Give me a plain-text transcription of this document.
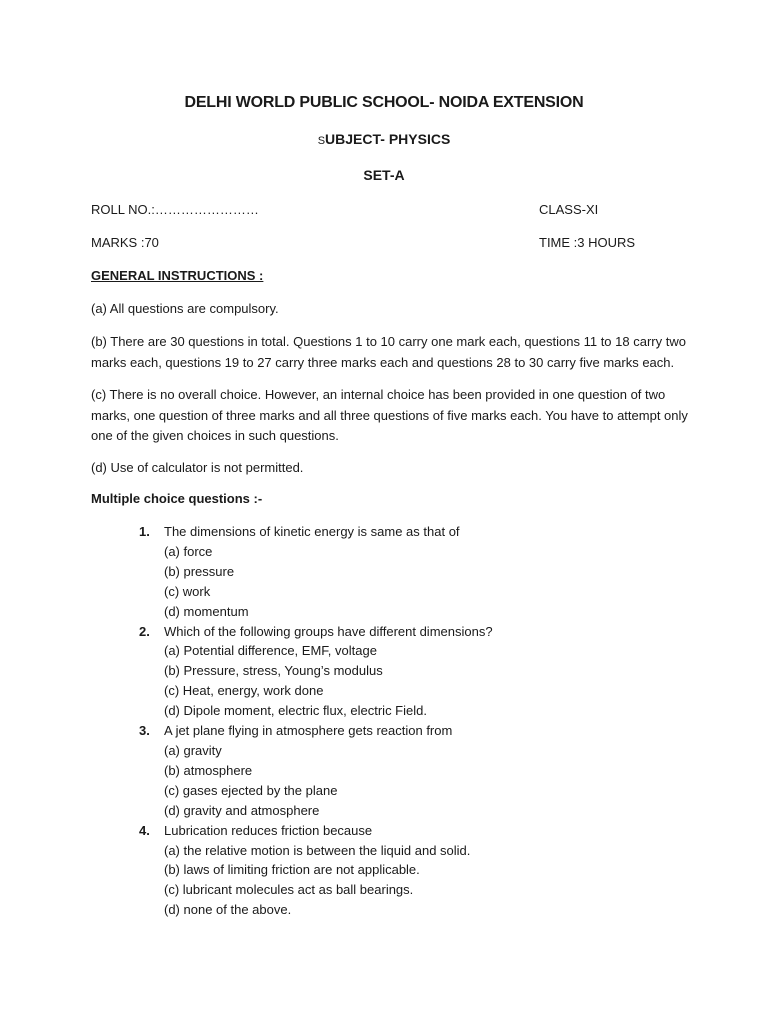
DELHI WORLD PUBLIC SCHOOL- NOIDA EXTENSION
SUBJECT- PHYSICS
SET-A
ROLL NO.:……………………	CLASS-XI
MARKS :70	TIME :3 HOURS
GENERAL INSTRUCTIONS :
(a) All questions are compulsory.
(b) There are 30 questions in total. Questions 1 to 10 carry one mark each, questions 11 to 18 carry two marks each, questions 19 to 27 carry three marks each and questions 28 to 30 carry five marks each.
(c) There is no overall choice. However, an internal choice has been provided in one question of two marks, one question of three marks and all three questions of five marks each. You have to attempt only one of the given choices in such questions.
(d) Use of calculator is not permitted.
Multiple choice questions :-
1. The dimensions of kinetic energy is same as that of
(a) force
(b) pressure
(c) work
(d) momentum
2. Which of the following groups have different dimensions?
(a) Potential difference, EMF, voltage
(b) Pressure, stress, Young’s modulus
(c) Heat, energy, work done
(d) Dipole moment, electric flux, electric Field.
3. A jet plane flying in atmosphere gets reaction from
(a) gravity
(b) atmosphere
(c) gases ejected by the plane
(d) gravity and atmosphere
4. Lubrication reduces friction because
(a) the relative motion is between the liquid and solid.
(b) laws of limiting friction are not applicable.
(c) lubricant molecules act as ball bearings.
(d) none of the above.
